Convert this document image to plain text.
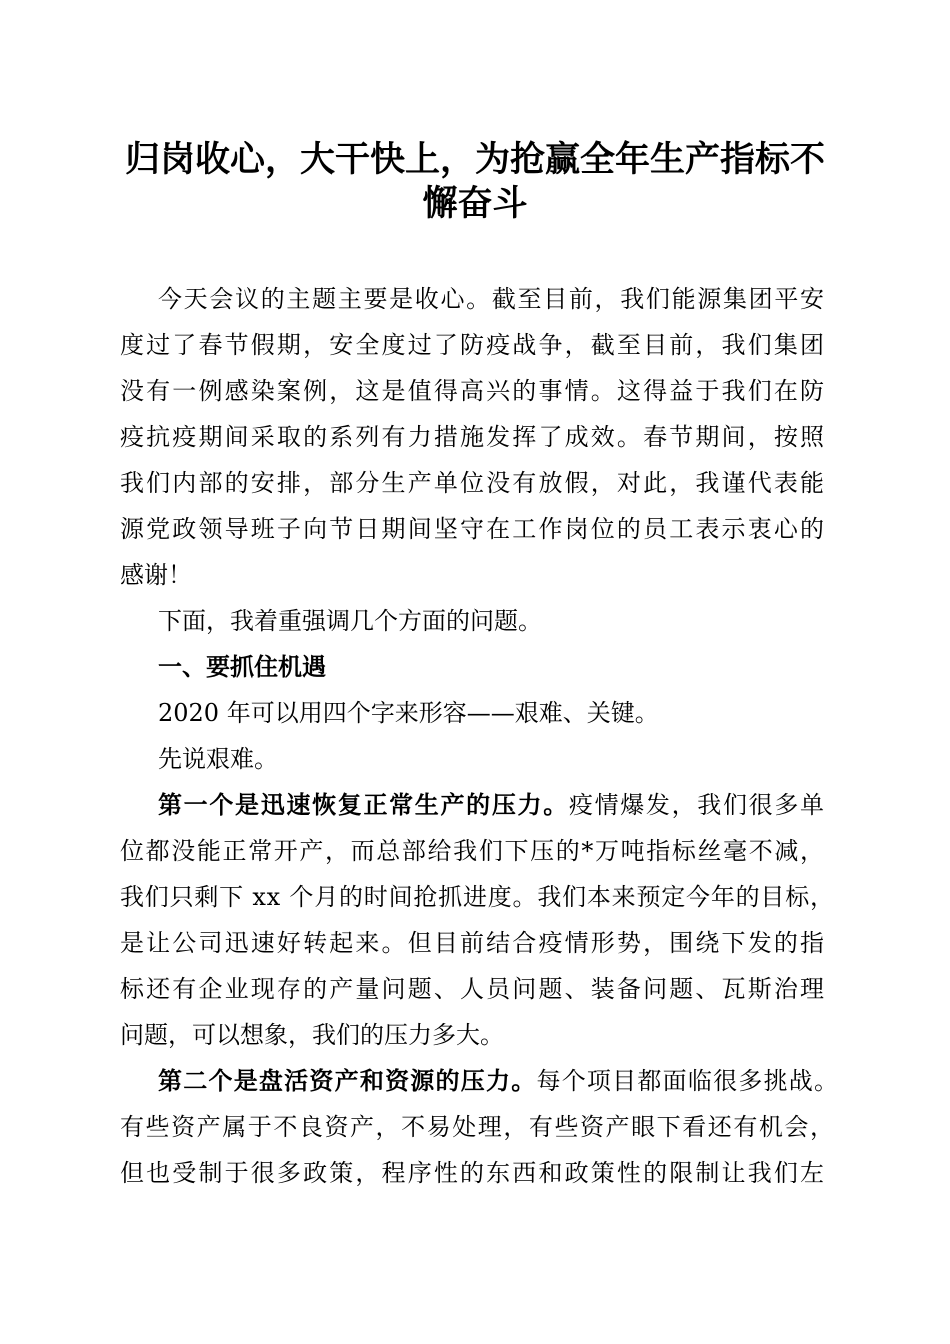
归岗收心，大干快上，为抢赢全年生产指标不
懈奋斗
今天会议的主题主要是收心。截至目前，我们能源集团平安
度过了春节假期，安全度过了防疫战争，截至目前，我们集团
没有一例感染案例，这是值得高兴的事情。这得益于我们在防
疫抗疫期间采取的系列有力措施发挥了成效。春节期间，按照
我们内部的安排，部分生产单位没有放假，对此，我谨代表能
源党政领导班子向节日期间坚守在工作岗位的员工表示衷心的
感谢！
下面，我着重强调几个方面的问题。
一、要抓住机遇
2020 年可以用四个字来形容——艰难、关键。
先说艰难。
第一个是迅速恢复正常生产的压力。疫情爆发，我们很多单
位都没能正常开产，而总部给我们下压的*万吨指标丝毫不减，
我们只剩下 xx 个月的时间抢抓进度。我们本来预定今年的目标，
是让公司迅速好转起来。但目前结合疫情形势，围绕下发的指
标还有企业现存的产量问题、人员问题、装备问题、瓦斯治理
问题，可以想象，我们的压力多大。
第二个是盘活资产和资源的压力。每个项目都面临很多挑战。
有些资产属于不良资产，不易处理，有些资产眼下看还有机会，
但也受制于很多政策，程序性的东西和政策性的限制让我们左
